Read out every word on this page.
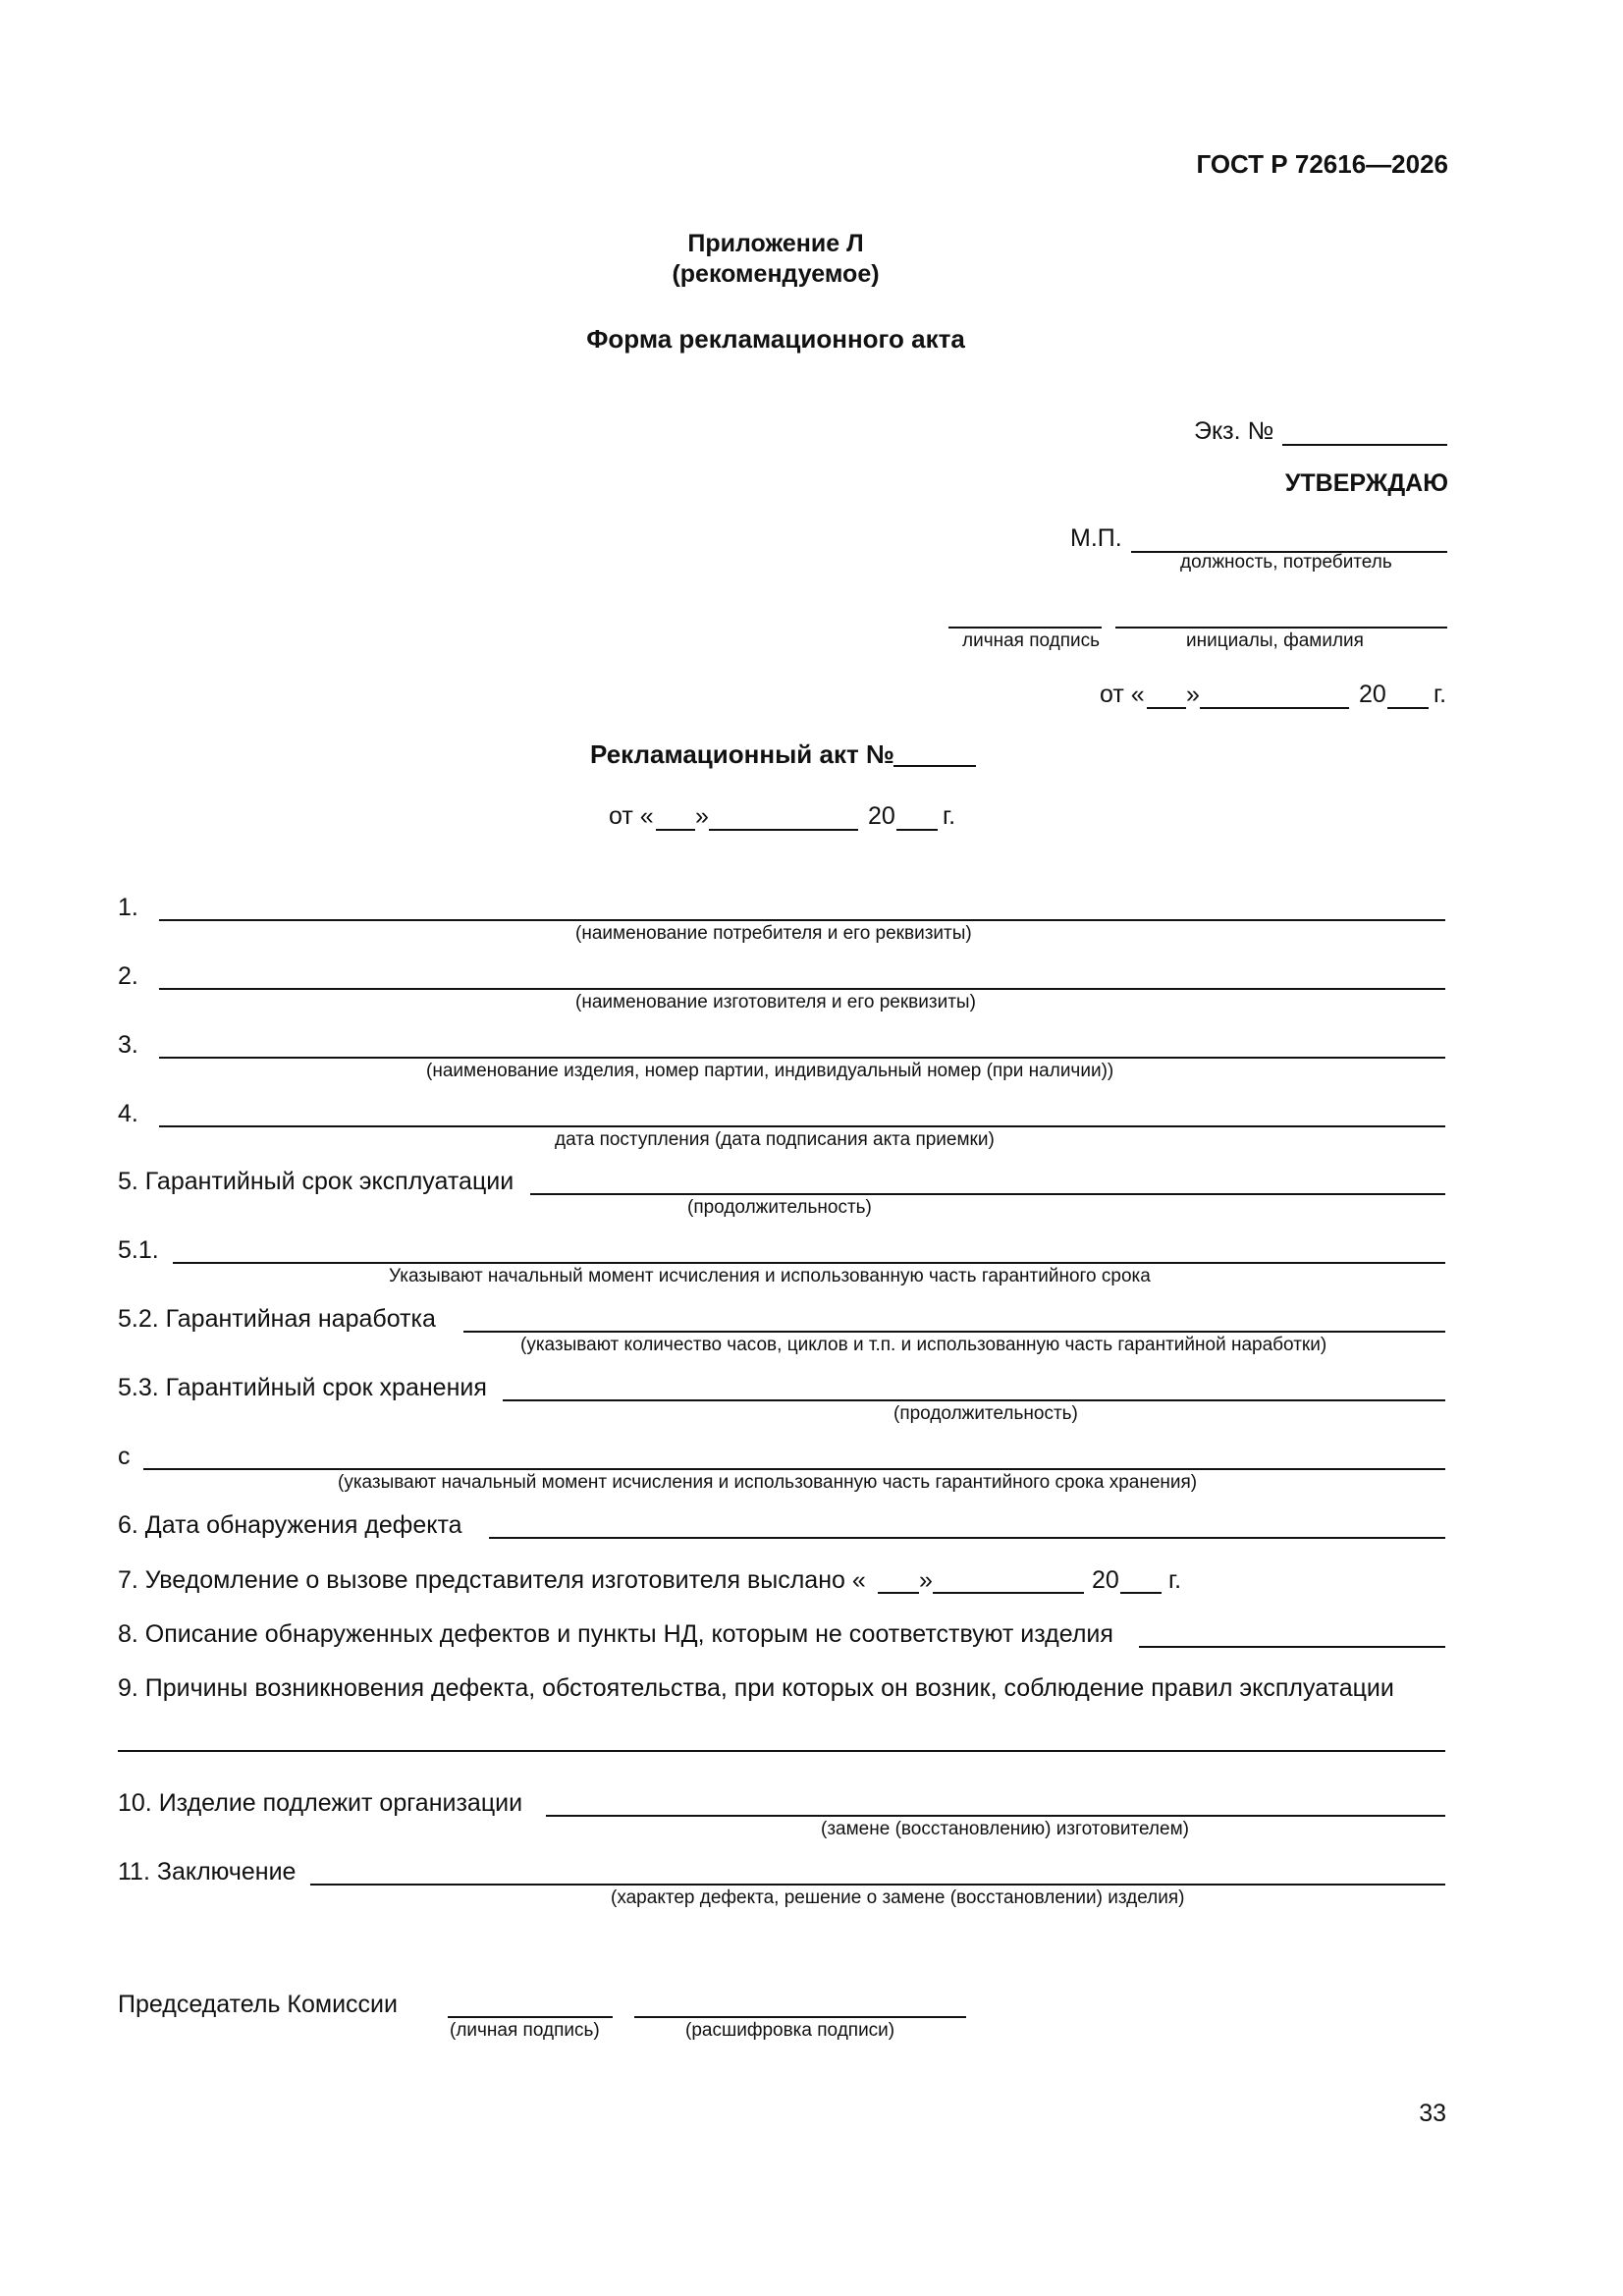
ГОСТ Р 72616—2026
Приложение Л
(рекомендуемое)
Форма рекламационного акта
Экз. №
УТВЕРЖДАЮ
М.П.
должность, потребитель
личная подпись	инициалы, фамилия
от « »	20 г.
Рекламационный акт №
от « »	20 г.
1.
(наименование потребителя и его реквизиты)
2.
(наименование изготовителя и его реквизиты)
3.
(наименование изделия, номер партии, индивидуальный номер (при наличии))
4.
дата поступления (дата подписания акта приемки)
5. Гарантийный срок эксплуатации
(продолжительность)
5.1.
Указывают начальный момент исчисления и использованную часть гарантийного срока
5.2. Гарантийная наработка
(указывают количество часов, циклов и т.п. и использованную часть гарантийной наработки)
5.3. Гарантийный срок хранения
(продолжительность)
с
(указывают начальный момент исчисления и использованную часть гарантийного срока хранения)
6. Дата обнаружения дефекта
7. Уведомление о вызове представителя изготовителя выслано « »	20 г.
8. Описание обнаруженных дефектов и пункты НД, которым не соответствуют изделия
9. Причины возникновения дефекта, обстоятельства, при которых он возник, соблюдение правил эксплуатации
10. Изделие подлежит организации
(замене (восстановлению) изготовителем)
11. Заключение
(характер дефекта, решение о замене (восстановлении) изделия)
Председатель Комиссии
(личная подпись)	(расшифровка подписи)
33
